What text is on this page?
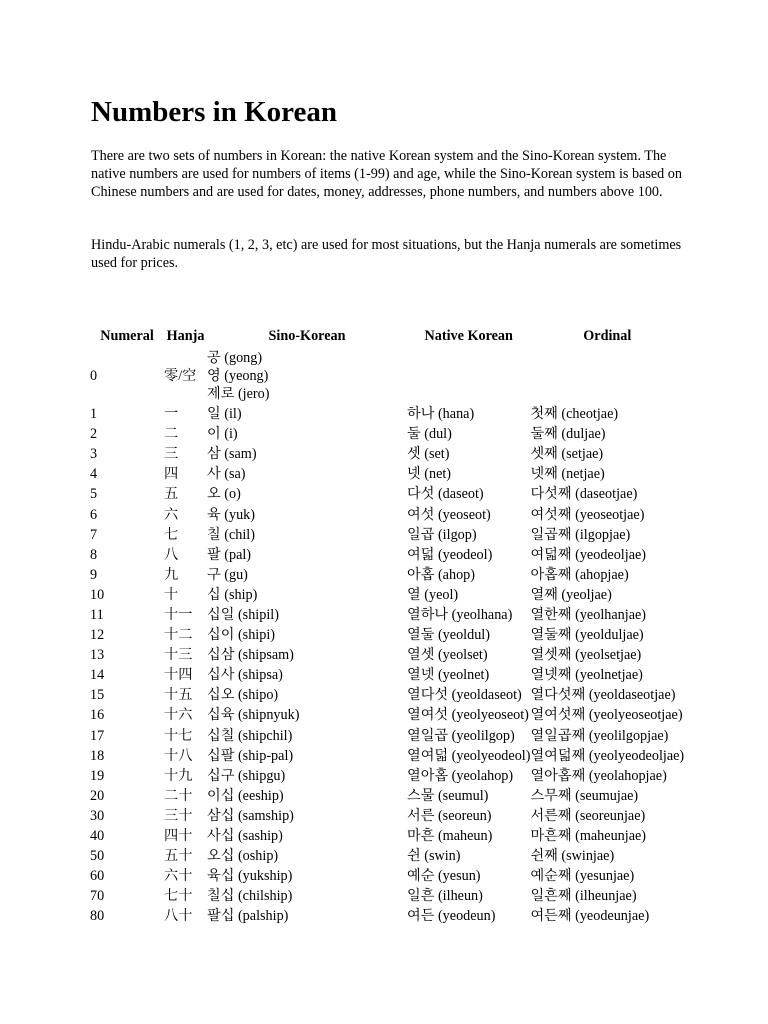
Numbers in Korean

There are two sets of numbers in Korean: the native Korean system and the Sino-Korean system. The native numbers are used for numbers of items (1-99) and age, while the Sino-Korean system is based on Chinese numbers and are used for dates, money, addresses, phone numbers, and numbers above 100.

Hindu-Arabic numerals (1, 2, 3, etc) are used for most situations, but the Hanja numerals are sometimes used for prices.

Numeral	Hanja	Sino-Korean	Native Korean	Ordinal
0	零/空	공 (gong)
영 (yeong)
제로 (jero)		

1	一	일 (il)	하나 (hana)	첫째 (cheotjae)
2	二	이 (i)	둘 (dul)	둘째 (duljae)
3	三	삼 (sam)	셋 (set)	셋째 (setjae)
4	四	사 (sa)	넷 (net)	넷째 (netjae)
5	五	오 (o)	다섯 (daseot)	다섯째 (daseotjae)
6	六	육 (yuk)	여섯 (yeoseot)	여섯째 (yeoseotjae)
7	七	칠 (chil)	일곱 (ilgop)	일곱째 (ilgopjae)
8	八	팔 (pal)	여덟 (yeodeol)	여덟째 (yeodeoljae)
9	九	구 (gu)	아홉 (ahop)	아홉째 (ahopjae)
10	十	십 (ship)	열 (yeol)	열째 (yeoljae)
11	十一	십일 (shipil)	열하나 (yeolhana)	열한째 (yeolhanjae)
12	十二	십이 (shipi)	열둘 (yeoldul)	열둘째 (yeolduljae)
13	十三	십삼 (shipsam)	열셋 (yeolset)	열셋째 (yeolsetjae)
14	十四	십사 (shipsa)	열넷 (yeolnet)	열넷째 (yeolnetjae)
15	十五	십오 (shipo)	열다섯 (yeoldaseot)	열다섯째 (yeoldaseotjae)
16	十六	십육 (shipnyuk)	열여섯 (yeolyeoseot)	열여섯째 (yeolyeoseotjae)
17	十七	십칠 (shipchil)	열일곱 (yeolilgop)	열일곱째 (yeolilgopjae)
18	十八	십팔 (ship-pal)	열여덟 (yeolyeodeol)	열여덟째 (yeolyeodeoljae)
19	十九	십구 (shipgu)	열아홉 (yeolahop)	열아홉째 (yeolahopjae)
20	二十	이십 (eeship)	스물 (seumul)	스무째 (seumujae)
30	三十	삼십 (samship)	서른 (seoreun)	서른째 (seoreunjae)
40	四十	사십 (saship)	마흔 (maheun)	마흔째 (maheunjae)
50	五十	오십 (oship)	쉰 (swin)	쉰째 (swinjae)
60	六十	육십 (yukship)	예순 (yesun)	예순째 (yesunjae)
70	七十	칠십 (chilship)	일흔 (ilheun)	일흔째 (ilheunjae)
80	八十	팔십 (palship)	여든 (yeodeun)	여든째 (yeodeunjae)
